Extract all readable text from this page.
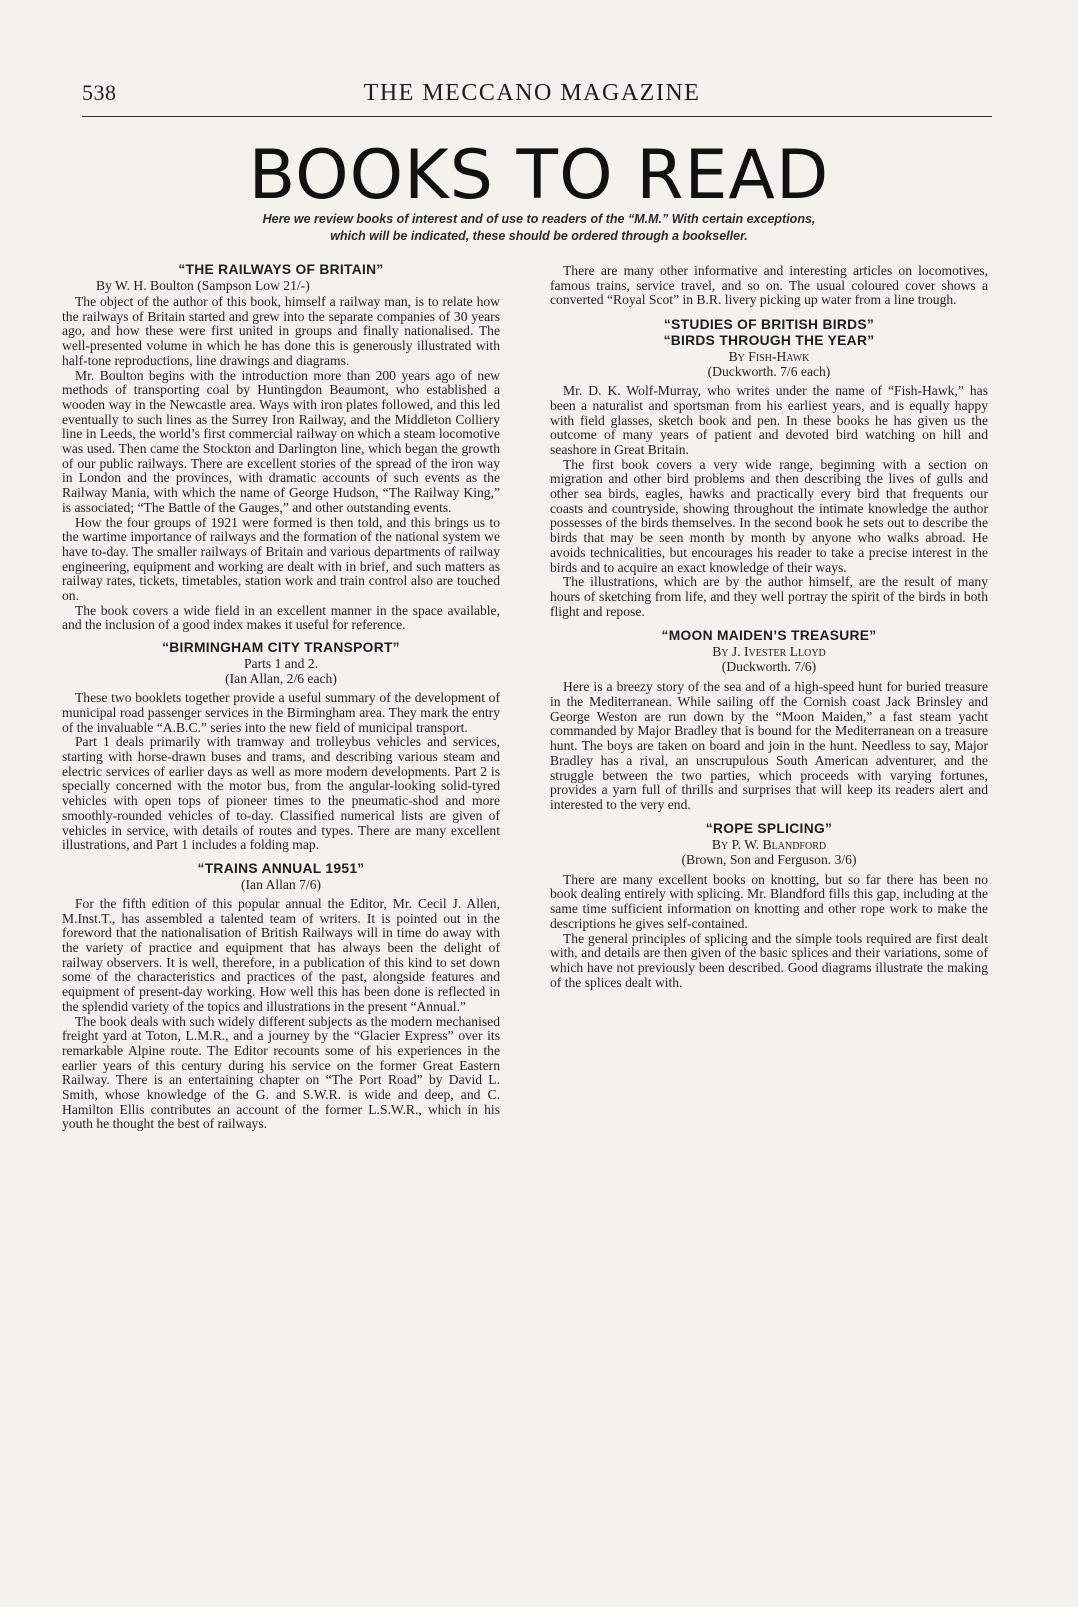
538	THE MECCANO MAGAZINE
BOOKS TO READ
Here we review books of interest and of use to readers of the “M.M.” With certain exceptions,
which will be indicated, these should be ordered through a bookseller.
“THE RAILWAYS OF BRITAIN”
By W. H. Boulton (Sampson Low 21/-)

The object of the author of this book, himself a railway man, is to relate how the railways of Britain started and grew into the separate companies of 30 years ago, and how these were first united in groups and finally nationalised. The well-presented volume in which he has done this is generously illustrated with half-tone reproductions, line drawings and diagrams.

Mr. Boulton begins with the introduction more than 200 years ago of new methods of transporting coal by Huntingdon Beaumont, who established a wooden way in the Newcastle area. Ways with iron plates followed, and this led eventually to such lines as the Surrey Iron Railway, and the Middleton Colliery line in Leeds, the world’s first commercial railway on which a steam locomotive was used. Then came the Stockton and Darlington line, which began the growth of our public railways. There are excellent stories of the spread of the iron way in London and the provinces, with dramatic accounts of such events as the Railway Mania, with which the name of George Hudson, “The Railway King,” is associated; “The Battle of the Gauges,” and other outstanding events.

How the four groups of 1921 were formed is then told, and this brings us to the wartime importance of railways and the formation of the national system we have to-day. The smaller railways of Britain and various departments of railway engineering, equipment and working are dealt with in brief, and such matters as railway rates, tickets, timetables, station work and train control also are touched on.

The book covers a wide field in an excellent manner in the space available, and the inclusion of a good index makes it useful for reference.

“BIRMINGHAM CITY TRANSPORT”
Parts 1 and 2.
(Ian Allan, 2/6 each)

These two booklets together provide a useful summary of the development of municipal road passenger services in the Birmingham area. They mark the entry of the invaluable “A.B.C.” series into the new field of municipal transport.

Part 1 deals primarily with tramway and trolleybus vehicles and services, starting with horse-drawn buses and trams, and describing various steam and electric services of earlier days as well as more modern developments. Part 2 is specially concerned with the motor bus, from the angular-looking solid-tyred vehicles with open tops of pioneer times to the pneumatic-shod and more smoothly-rounded vehicles of to-day. Classified numerical lists are given of vehicles in service, with details of routes and types. There are many excellent illustrations, and Part 1 includes a folding map.

“TRAINS ANNUAL 1951”
(Ian Allan 7/6)

For the fifth edition of this popular annual the Editor, Mr. Cecil J. Allen, M.Inst.T., has assembled a talented team of writers. It is pointed out in the foreword that the nationalisation of British Railways will in time do away with the variety of practice and equipment that has always been the delight of railway observers. It is well, therefore, in a publication of this kind to set down some of the characteristics and practices of the past, alongside features and equipment of present-day working. How well this has been done is reflected in the splendid variety of the topics and illustrations in the present “Annual.”

The book deals with such widely different subjects as the modern mechanised freight yard at Toton, L.M.R., and a journey by the “Glacier Express” over its remarkable Alpine route. The Editor recounts some of his experiences in the earlier years of this century during his service on the former Great Eastern Railway. There is an entertaining chapter on “The Port Road” by David L. Smith, whose knowledge of the G. and S.W.R. is wide and deep, and C. Hamilton Ellis contributes an account of the former L.S.W.R., which in his youth he thought the best of railways.

There are many other informative and interesting articles on locomotives, famous trains, service travel, and so on. The usual coloured cover shows a converted “Royal Scot” in B.R. livery picking up water from a line trough.

“STUDIES OF BRITISH BIRDS”
“BIRDS THROUGH THE YEAR”
By Fish-Hawk
(Duckworth. 7/6 each)

Mr. D. K. Wolf-Murray, who writes under the name of “Fish-Hawk,” has been a naturalist and sportsman from his earliest years, and is equally happy with field glasses, sketch book and pen. In these books he has given us the outcome of many years of patient and devoted bird watching on hill and seashore in Great Britain.

The first book covers a very wide range, beginning with a section on migration and other bird problems and then describing the lives of gulls and other sea birds, eagles, hawks and practically every bird that frequents our coasts and countryside, showing throughout the intimate knowledge the author possesses of the birds themselves. In the second book he sets out to describe the birds that may be seen month by month by anyone who walks abroad. He avoids technicalities, but encourages his reader to take a precise interest in the birds and to acquire an exact knowledge of their ways.

The illustrations, which are by the author himself, are the result of many hours of sketching from life, and they well portray the spirit of the birds in both flight and repose.

“MOON MAIDEN’S TREASURE”
By J. Ivester Lloyd
(Duckworth. 7/6)

Here is a breezy story of the sea and of a high-speed hunt for buried treasure in the Mediterranean. While sailing off the Cornish coast Jack Brinsley and George Weston are run down by the “Moon Maiden,” a fast steam yacht commanded by Major Bradley that is bound for the Mediterranean on a treasure hunt. The boys are taken on board and join in the hunt. Needless to say, Major Bradley has a rival, an unscrupulous South American adventurer, and the struggle between the two parties, which proceeds with varying fortunes, provides a yarn full of thrills and surprises that will keep its readers alert and interested to the very end.

“ROPE SPLICING”
By P. W. Blandford
(Brown, Son and Ferguson. 3/6)

There are many excellent books on knotting, but so far there has been no book dealing entirely with splicing. Mr. Blandford fills this gap, including at the same time sufficient information on knotting and other rope work to make the descriptions he gives self-contained.

The general principles of splicing and the simple tools required are first dealt with, and details are then given of the basic splices and their variations, some of which have not previously been described. Good diagrams illustrate the making of the splices dealt with.
